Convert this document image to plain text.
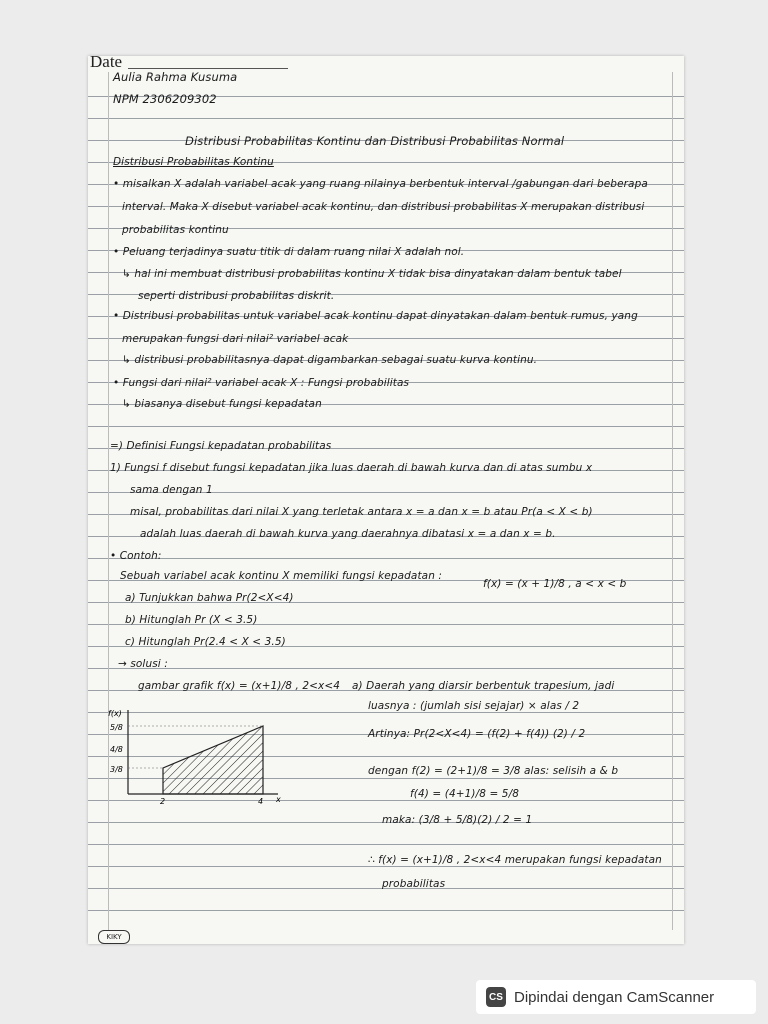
Date
Aulia Rahma Kusuma
NPM 2306209302
Distribusi Probabilitas Kontinu dan Distribusi Probabilitas Normal
Distribusi Probabilitas Kontinu
• misalkan X adalah variabel acak yang ruang nilainya berbentuk interval /gabungan dari beberapa
interval. Maka X disebut variabel acak kontinu, dan distribusi probabilitas X merupakan distribusi
probabilitas kontinu
• Peluang terjadinya suatu titik di dalam ruang nilai X adalah nol.
↳ hal ini membuat distribusi probabilitas kontinu X tidak bisa dinyatakan dalam bentuk tabel
seperti distribusi probabilitas diskrit.
• Distribusi probabilitas untuk variabel acak kontinu dapat dinyatakan dalam bentuk rumus, yang
merupakan fungsi dari nilai² variabel acak
↳ distribusi probabilitasnya dapat digambarkan sebagai suatu kurva kontinu.
• Fungsi dari nilai² variabel acak X : Fungsi probabilitas
↳ biasanya disebut fungsi kepadatan
=) Definisi Fungsi kepadatan probabilitas
1) Fungsi f disebut fungsi kepadatan jika luas daerah di bawah kurva dan di atas sumbu x
sama dengan 1
misal, probabilitas dari nilai X yang terletak antara x = a dan x = b atau Pr(a < X < b)
adalah luas daerah di bawah kurva yang daerahnya dibatasi x = a dan x = b.
• Contoh:
Sebuah variabel acak kontinu X memiliki fungsi kepadatan :
f(x) = (x + 1)/8 , a < x < b
a) Tunjukkan bahwa Pr(2<X<4)
b) Hitunglah Pr (X < 3.5)
c) Hitunglah Pr(2.4 < X < 3.5)
→ solusi :
gambar grafik f(x) = (x+1)/8 , 2<x<4 a) Daerah yang diarsir berbentuk trapesium, jadi
luasnya : (jumlah sisi sejajar) × alas / 2
Artinya: Pr(2<X<4) = (f(2) + f(4)) (2) / 2
dengan f(2) = (2+1)/8 = 3/8 alas: selisih a & b
f(4) = (4+1)/8 = 5/8
maka: (3/8 + 5/8)(2) / 2 = 1
∴ f(x) = (x+1)/8 , 2<x<4 merupakan fungsi kepadatan
probabilitas
f(x)
5/8
4/8
3/8
2	4 x
KIKY
CS Dipindai dengan CamScanner
